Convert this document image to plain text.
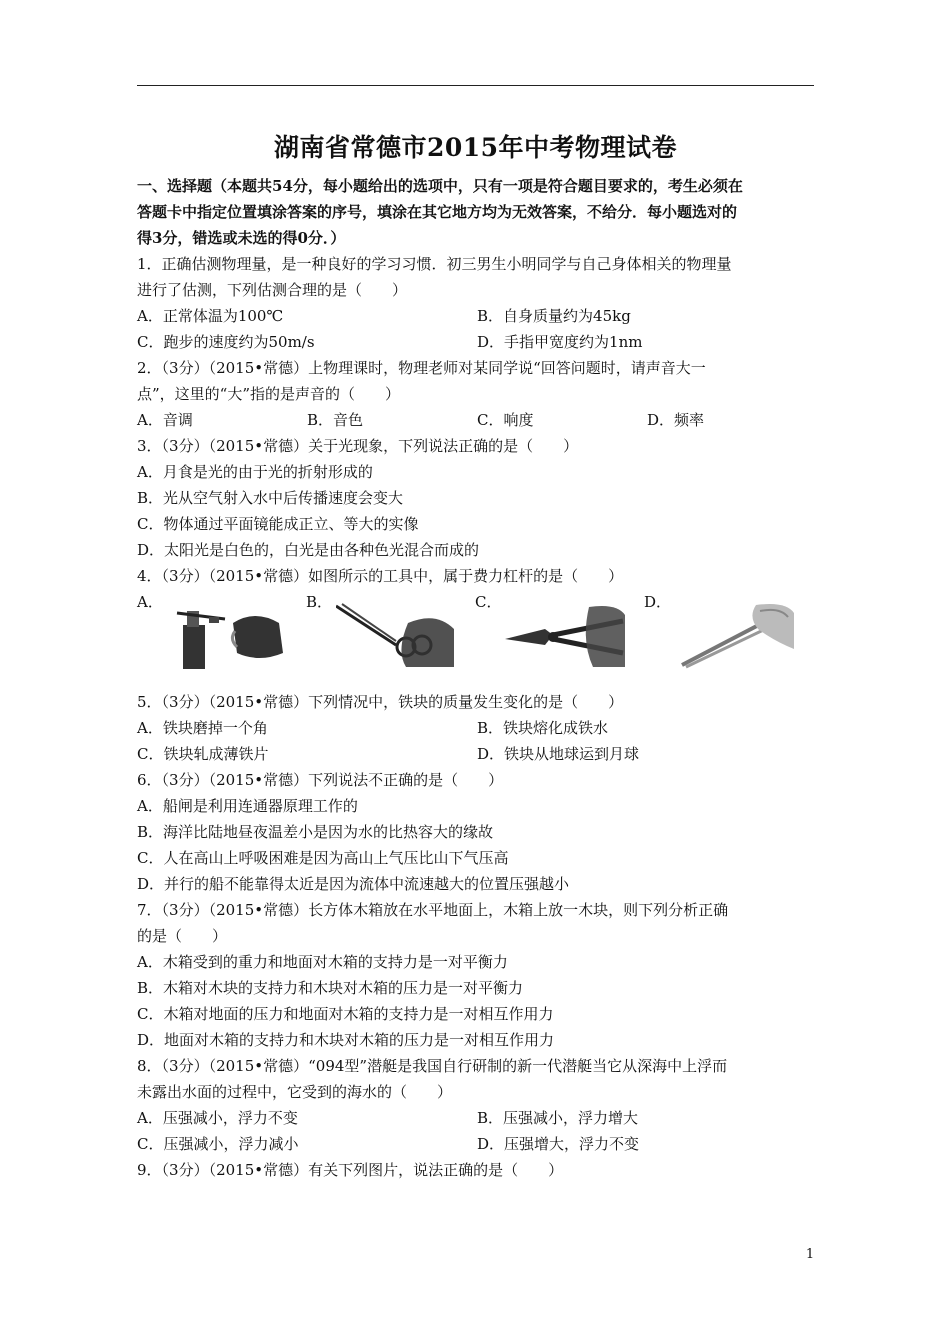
湖南省常德市2015年中考物理试卷
一、选择题（本题共54分，每小题给出的选项中，只有一项是符合题目要求的，考生必须在
答题卡中指定位置填涂答案的序号，填涂在其它地方均为无效答案，不给分．每小题选对的
得3分，错选或未选的得0分．）
1．正确估测物理量，是一种良好的学习习惯．初三男生小明同学与自己身体相关的物理量
进行了估测，下列估测合理的是（　　）
A．正常体温为100℃	B．自身质量约为45kg
C．跑步的速度约为50m/s	D．手指甲宽度约为1nm
2．（3分）（2015•常德）上物理课时，物理老师对某同学说“回答问题时，请声音大一
点”，这里的“大”指的是声音的（　　）
A．音调	B．音色	C．响度	D．频率
3．（3分）（2015•常德）关于光现象，下列说法正确的是（　　）
A．月食是光的由于光的折射形成的
B．光从空气射入水中后传播速度会变大
C．物体通过平面镜能成正立、等大的实像
D．太阳光是白色的，白光是由各种色光混合而成的
4．（3分）（2015•常德）如图所示的工具中，属于费力杠杆的是（　　）
A．	B．	C．	D．
5．（3分）（2015•常德）下列情况中，铁块的质量发生变化的是（　　）
A．铁块磨掉一个角	B．铁块熔化成铁水
C．铁块轧成薄铁片	D．铁块从地球运到月球
6．（3分）（2015•常德）下列说法不正确的是（　　）
A．船闸是利用连通器原理工作的
B．海洋比陆地昼夜温差小是因为水的比热容大的缘故
C．人在高山上呼吸困难是因为高山上气压比山下气压高
D．并行的船不能靠得太近是因为流体中流速越大的位置压强越小
7．（3分）（2015•常德）长方体木箱放在水平地面上，木箱上放一木块，则下列分析正确
的是（　　）
A．木箱受到的重力和地面对木箱的支持力是一对平衡力
B．木箱对木块的支持力和木块对木箱的压力是一对平衡力
C．木箱对地面的压力和地面对木箱的支持力是一对相互作用力
D．地面对木箱的支持力和木块对木箱的压力是一对相互作用力
8．（3分）（2015•常德）“094型”潜艇是我国自行研制的新一代潜艇当它从深海中上浮而
未露出水面的过程中，它受到的海水的（　　）
A．压强减小，浮力不变	B．压强减小，浮力增大
C．压强减小，浮力减小	D．压强增大，浮力不变
9．（3分）（2015•常德）有关下列图片，说法正确的是（　　）
1
